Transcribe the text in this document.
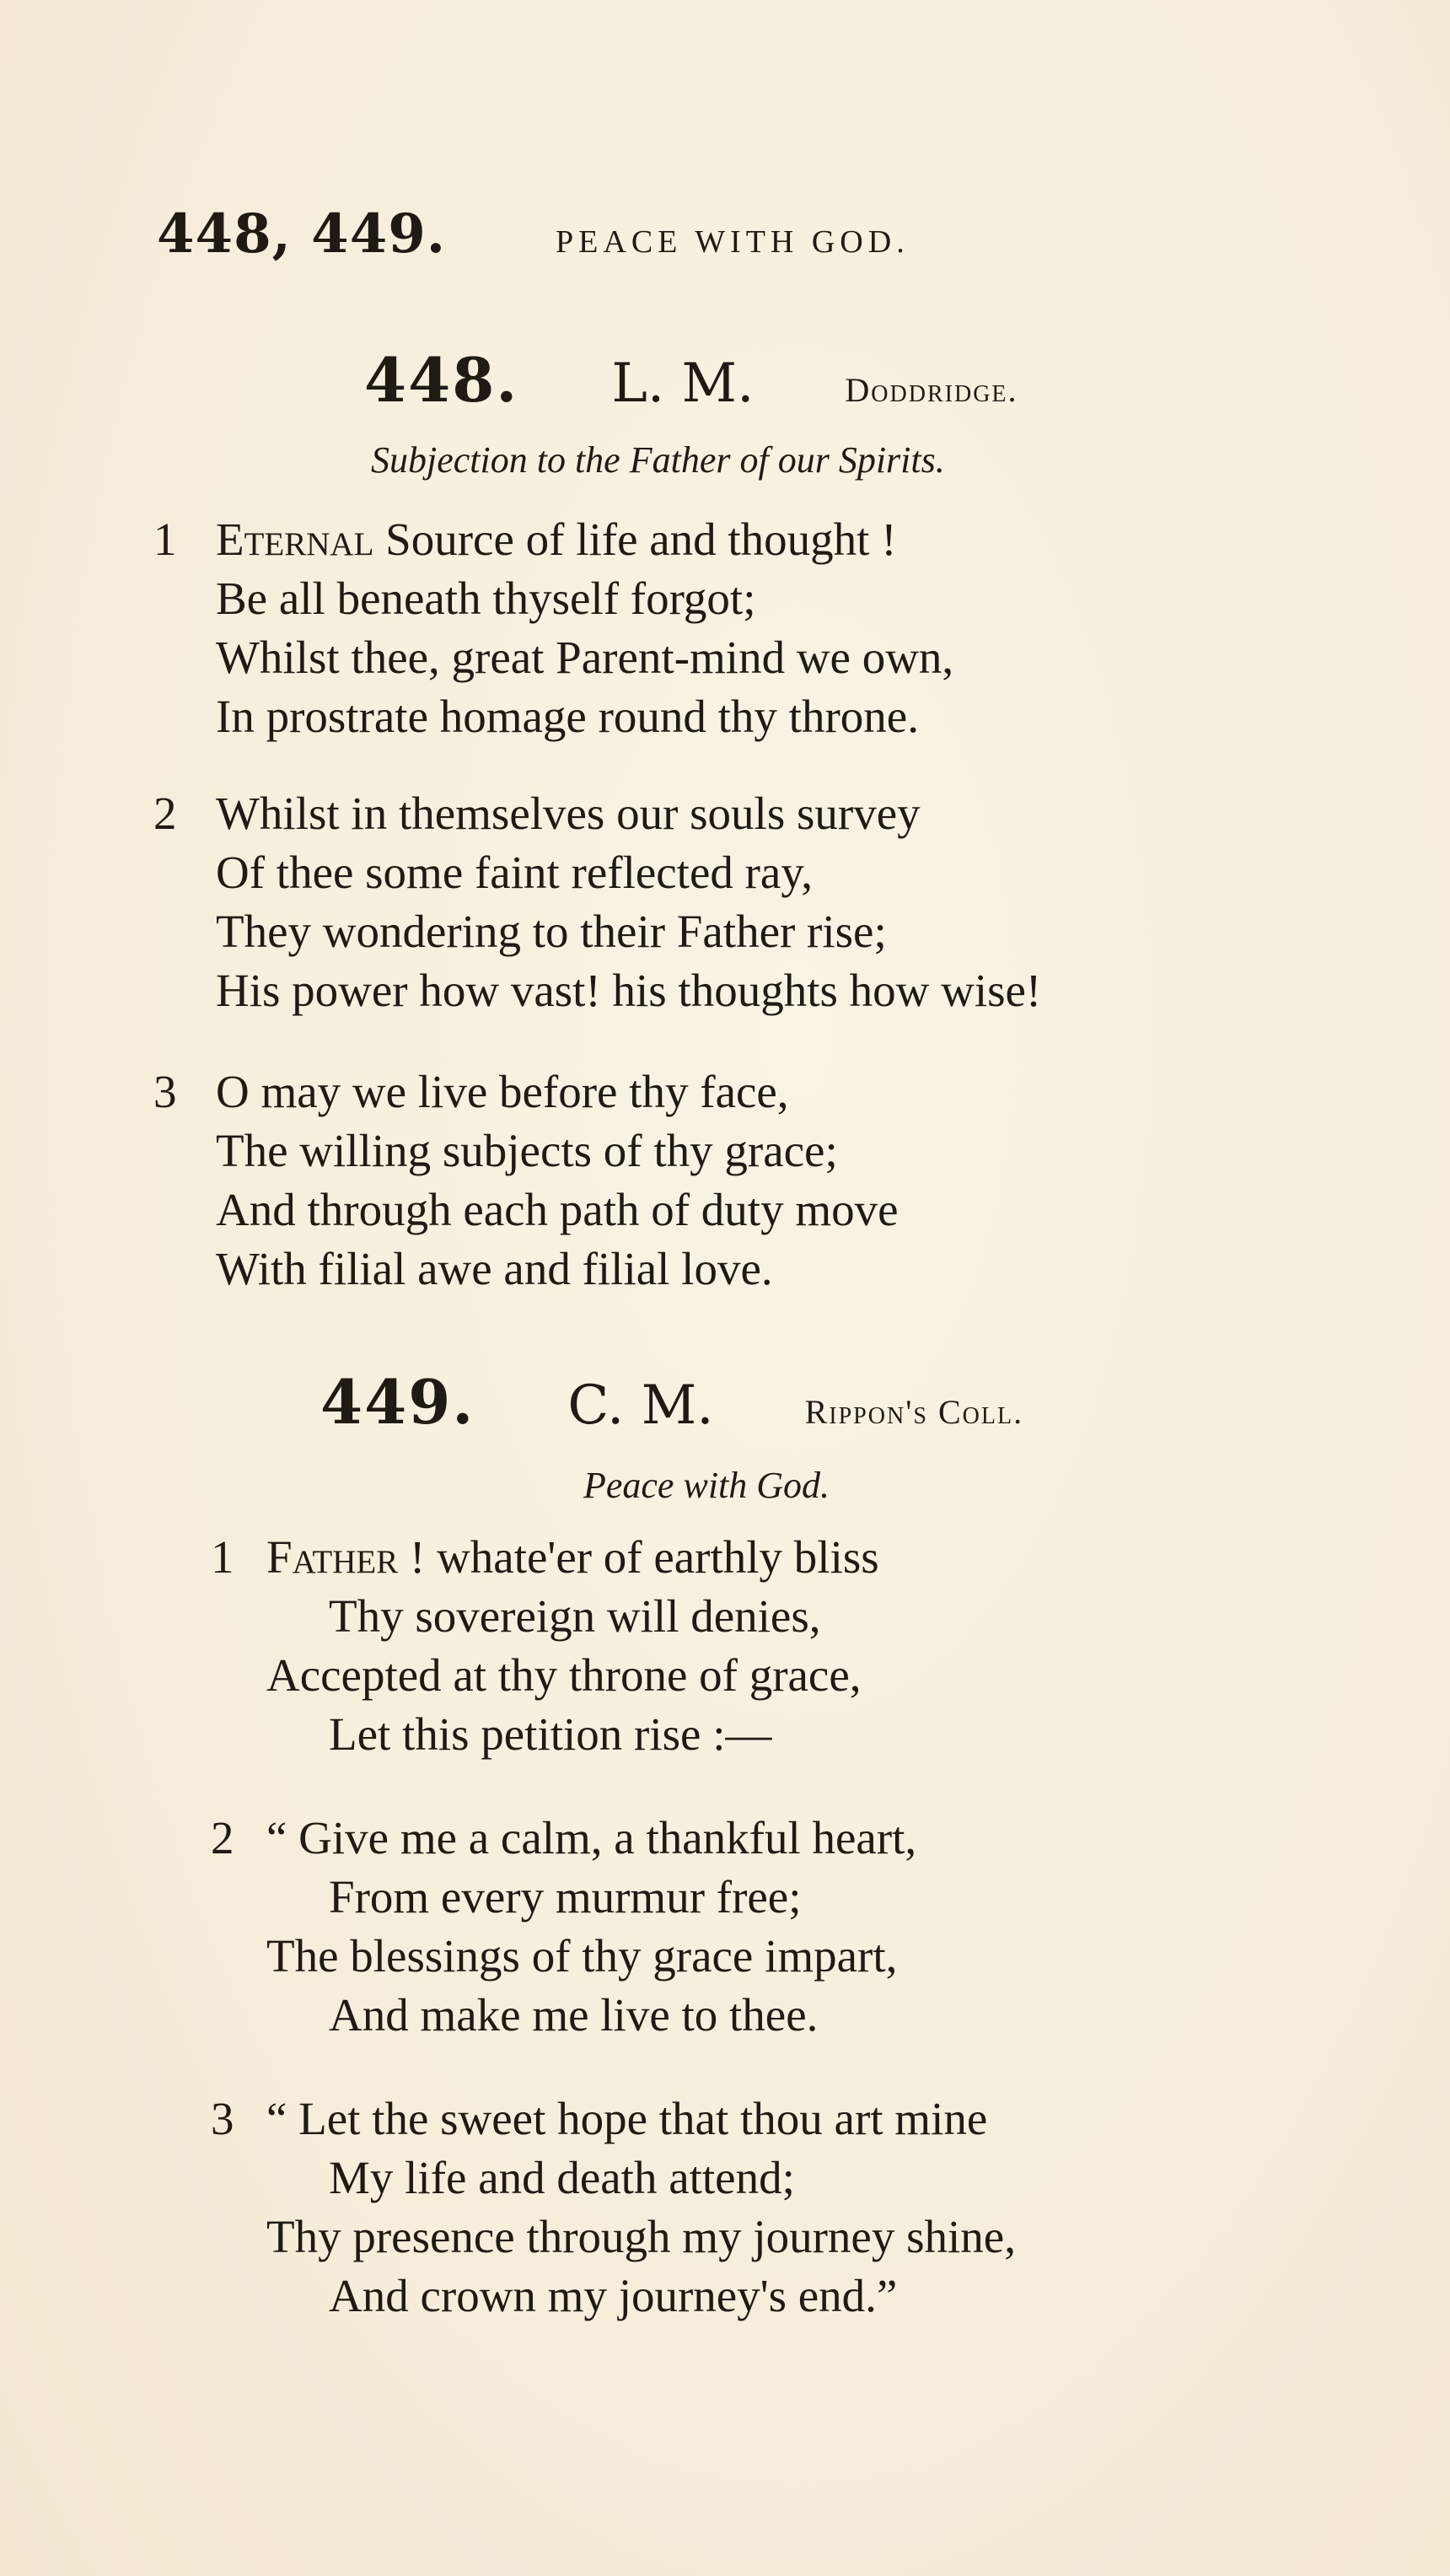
448, 449.	PEACE WITH GOD.
448. L. M.	Doddridge.
Subjection to the Father of our Spirits.
1 Eternal Source of life and thought !
Be all beneath thyself forgot;
Whilst thee, great Parent-mind we own,
In prostrate homage round thy throne.
2 Whilst in themselves our souls survey
Of thee some faint reflected ray,
They wondering to their Father rise;
His power how vast! his thoughts how wise!
3 O may we live before thy face,
The willing subjects of thy grace;
And through each path of duty move
With filial awe and filial love.
449. C. M.	Rippon's Coll.
Peace with God.
1 Father ! whate'er of earthly bliss
Thy sovereign will denies,
Accepted at thy throne of grace,
Let this petition rise :—
2 “ Give me a calm, a thankful heart,
From every murmur free;
The blessings of thy grace impart,
And make me live to thee.
3 “ Let the sweet hope that thou art mine
My life and death attend;
Thy presence through my journey shine,
And crown my journey's end.”
